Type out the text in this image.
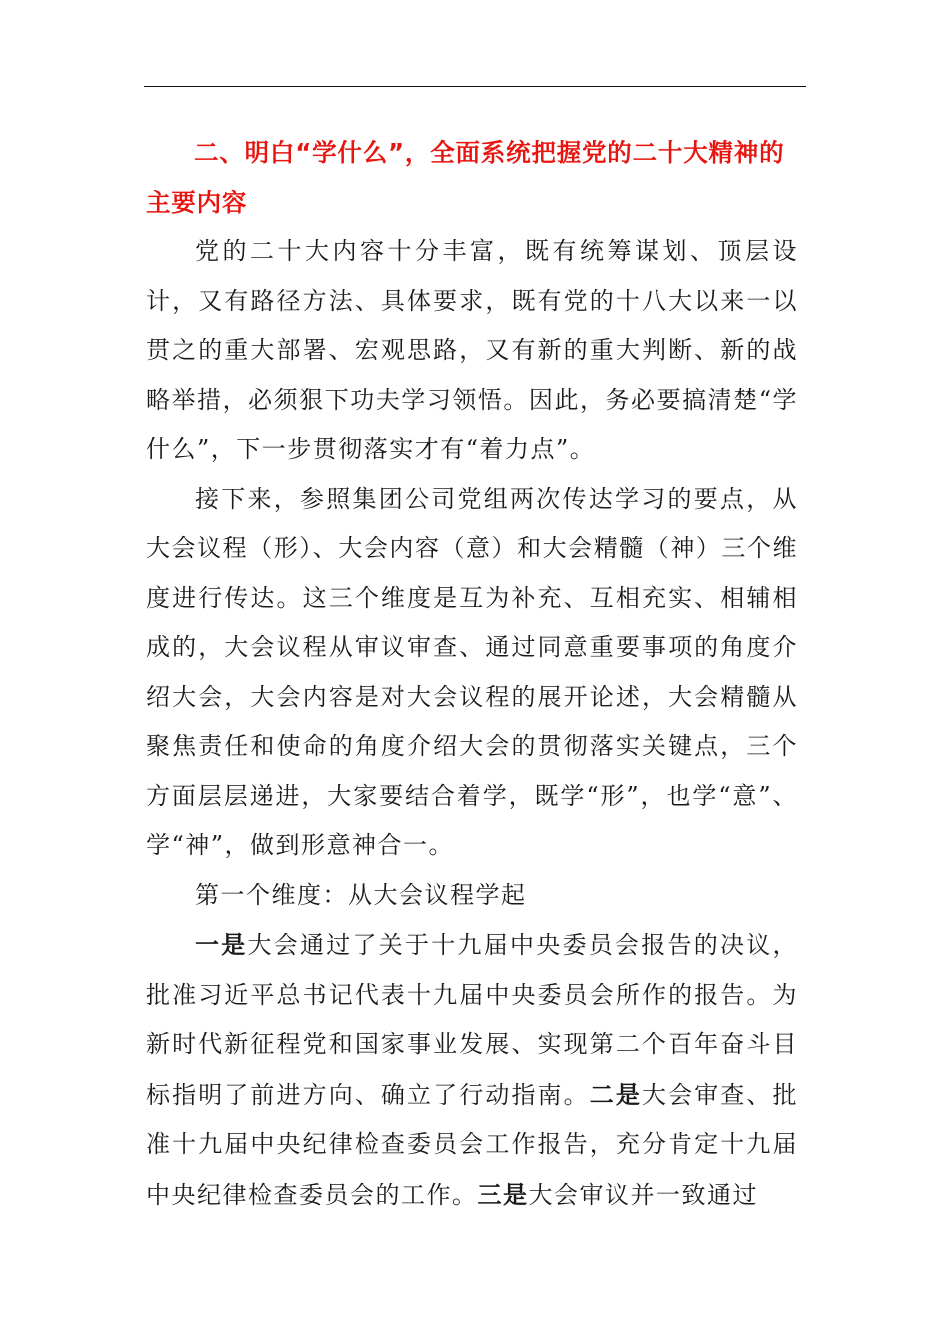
二、明白“学什么”，全面系统把握党的二十大精神的主要内容

党的二十大内容十分丰富，既有统筹谋划、顶层设计，又有路径方法、具体要求，既有党的十八大以来一以贯之的重大部署、宏观思路，又有新的重大判断、新的战略举措，必须狠下功夫学习领悟。因此，务必要搞清楚“学什么”，下一步贯彻落实才有“着力点”。

接下来，参照集团公司党组两次传达学习的要点，从大会议程（形）、大会内容（意）和大会精髓（神）三个维度进行传达。这三个维度是互为补充、互相充实、相辅相成的，大会议程从审议审查、通过同意重要事项的角度介绍大会，大会内容是对大会议程的展开论述，大会精髓从聚焦责任和使命的角度介绍大会的贯彻落实关键点，三个方面层层递进，大家要结合着学，既学“形”，也学“意”、学“神”，做到形意神合一。

第一个维度：从大会议程学起

一是大会通过了关于十九届中央委员会报告的决议，批准习近平总书记代表十九届中央委员会所作的报告。为新时代新征程党和国家事业发展、实现第二个百年奋斗目标指明了前进方向、确立了行动指南。二是大会审查、批准十九届中央纪律检查委员会工作报告，充分肯定十九届中央纪律检查委员会的工作。三是大会审议并一致通过
